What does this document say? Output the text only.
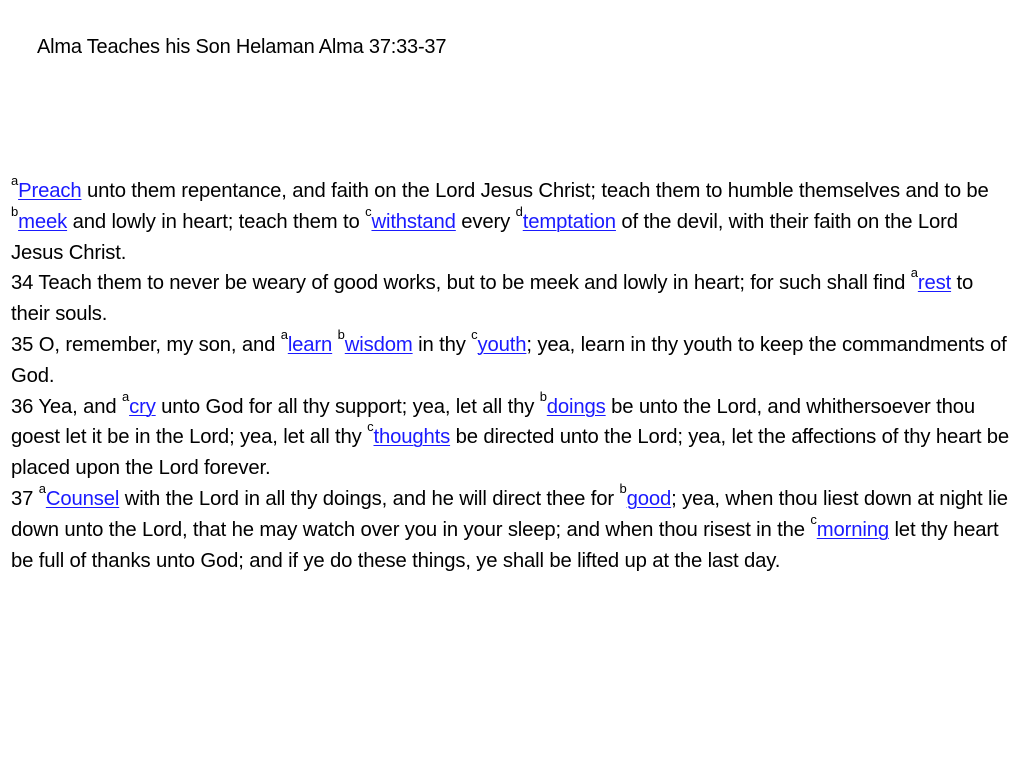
Alma Teaches his Son Helaman Alma 37:33-37
$^a$Preach unto them repentance, and faith on the Lord Jesus Christ; teach them to humble themselves and to be $^b$meek and lowly in heart; teach them to $^c$withstand every $^d$temptation of the devil, with their faith on the Lord Jesus Christ.
34 Teach them to never be weary of good works, but to be meek and lowly in heart; for such shall find $^a$rest to their souls.
35 O, remember, my son, and $^a$learn $^b$wisdom in thy $^c$youth; yea, learn in thy youth to keep the commandments of God.
36 Yea, and $^a$cry unto God for all thy support; yea, let all thy $^b$doings be unto the Lord, and whithersoever thou goest let it be in the Lord; yea, let all thy $^c$thoughts be directed unto the Lord; yea, let the affections of thy heart be placed upon the Lord forever.
37 $^a$Counsel with the Lord in all thy doings, and he will direct thee for $^b$good; yea, when thou liest down at night lie down unto the Lord, that he may watch over you in your sleep; and when thou risest in the $^c$morning let thy heart be full of thanks unto God; and if ye do these things, ye shall be lifted up at the last day.
